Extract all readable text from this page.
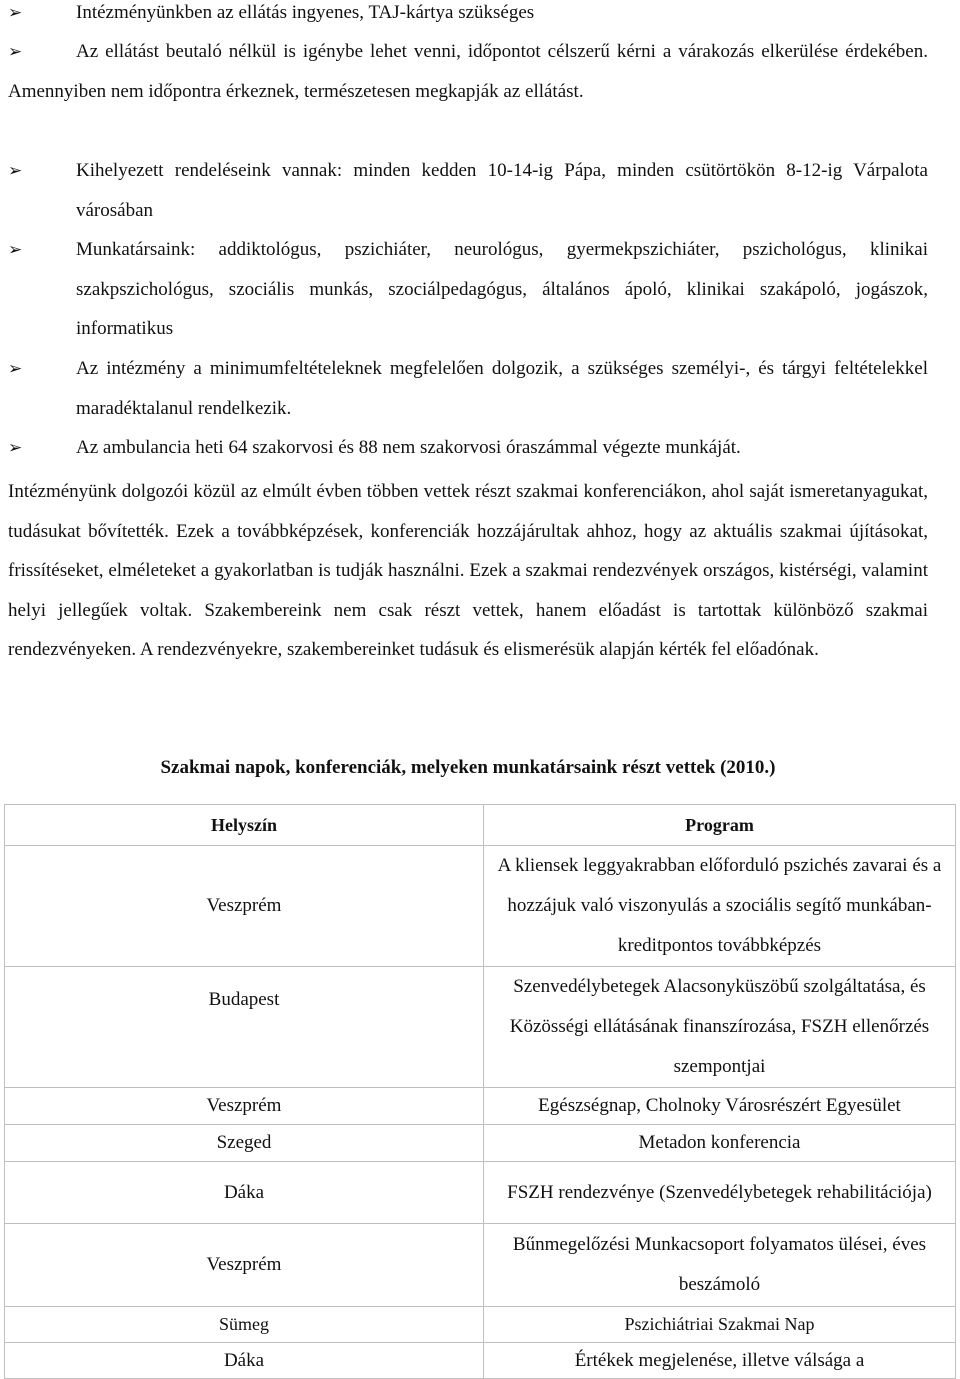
➢	Intézményünkben az ellátás ingyenes, TAJ-kártya szükséges
➢	Az ellátást beutaló nélkül is igénybe lehet venni, időpontot célszerű kérni a várakozás elkerülése érdekében. Amennyiben nem időpontra érkeznek, természetesen megkapják az ellátást.
➢	Kihelyezett rendeléseink vannak: minden kedden 10-14-ig Pápa, minden csütörtökön 8-12-ig Várpalota városában
➢	Munkatársaink: addiktológus, pszichiáter, neurológus, gyermekpszichiáter, pszichológus, klinikai szakpszichológus, szociális munkás, szociálpedagógus, általános ápoló, klinikai szakápoló, jogászok, informatikus
➢	Az intézmény a minimumfeltételeknek megfelelően dolgozik, a szükséges személyi-, és tárgyi feltételekkel maradéktalanul rendelkezik.
➢	Az ambulancia heti 64 szakorvosi és 88 nem szakorvosi óraszámmal végezte munkáját.
Intézményünk dolgozói közül az elmúlt évben többen vettek részt szakmai konferenciákon, ahol saját ismeretanyagukat, tudásukat bővítették. Ezek a továbbképzések, konferenciák hozzájárultak ahhoz, hogy az aktuális szakmai újításokat, frissítéseket, elméleteket a gyakorlatban is tudják használni. Ezek a szakmai rendezvények országos, kistérségi, valamint helyi jellegűek voltak. Szakembereink nem csak részt vettek, hanem előadást is tartottak különböző szakmai rendezvényeken. A rendezvényekre, szakembereinket tudásuk és elismerésük alapján kérték fel előadónak.
Szakmai napok, konferenciák, melyeken munkatársaink részt vettek (2010.)
Helyszín	Program
Veszprém	A kliensek leggyakrabban előforduló pszichés zavarai és a hozzájuk való viszonyulás a szociális segítő munkában-kreditpontos továbbképzés
Budapest	Szenvedélybetegek Alacsonyküszöbű szolgáltatása, és Közösségi ellátásának finanszírozása, FSZH ellenőrzés szempontjai
Veszprém	Egészségnap, Cholnoky Városrészért Egyesület
Szeged	Metadon konferencia
Dáka	FSZH rendezvénye (Szenvedélybetegek rehabilitációja)
Veszprém	Bűnmegelőzési Munkacsoport folyamatos ülései, éves beszámoló
Sümeg	Pszichiátriai Szakmai Nap
Dáka	Értékek megjelenése, illetve válsága a
